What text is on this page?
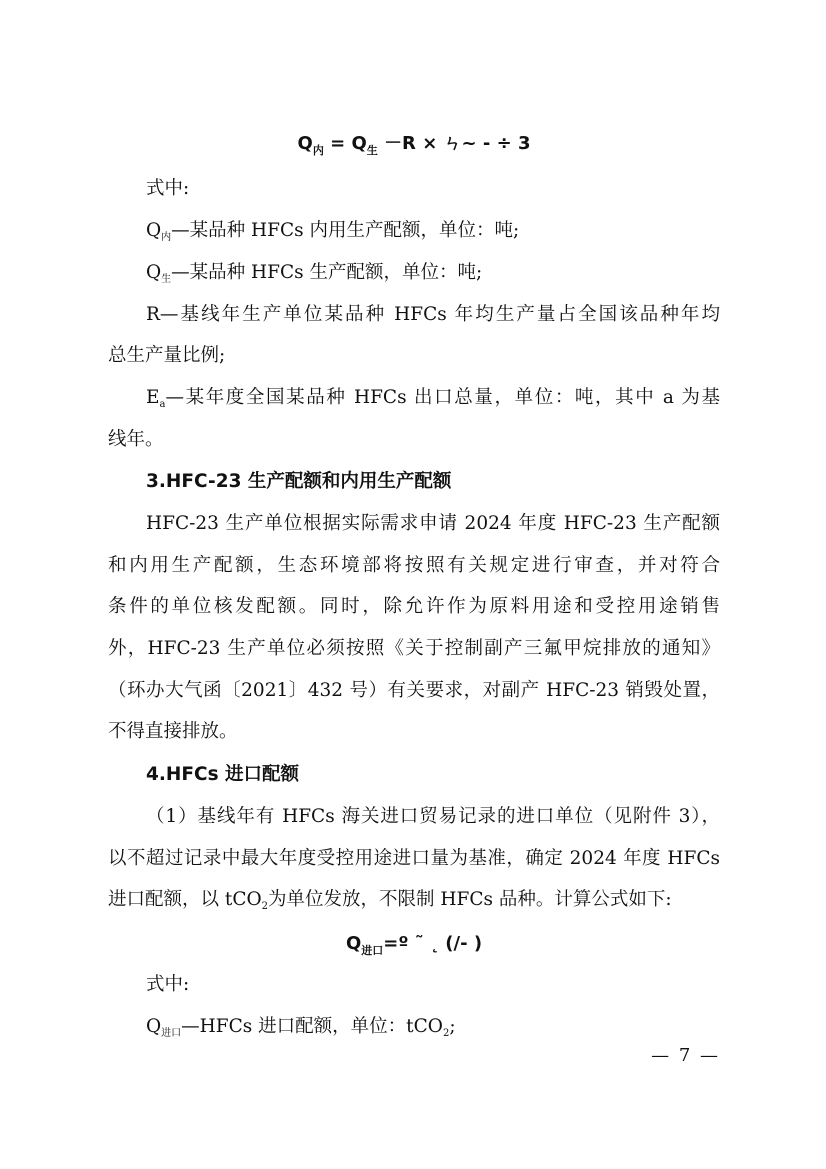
$Q_内 = Q_生 -R$ × ㄣ~ - ÷ 3
式中:
$Q_内—$某品种 HFCs 内用生产配额，单位：吨;
$Q_生—$某品种 HFCs 生产配额，单位：吨;
R—基线年生产单位某品种 HFCs 年均生产量占全国该品种年均
总生产量比例;
$E_a—$某年度全国某品种 HFCs 出口总量，单位：吨，其中 a 为基
线年。
3.HFC-23 生产配额和内用生产配额
HFC-23 生产单位根据实际需求申请 2024 年度 HFC-23 生产配额
和内用生产配额，生态环境部将按照有关规定进行审查，并对符合
条件的单位核发配额。同时，除允许作为原料用途和受控用途销售
外，HFC-23 生产单位必须按照《关于控制副产三氟甲烷排放的通知》
（环办大气函〔2021〕432 号）有关要求，对副产 HFC-23 销毁处置，
不得直接排放。
4.HFCs 进口配额
（1）基线年有 HFCs 海关进口贸易记录的进口单位（见附件 3），
以不超过记录中最大年度受控用途进口量为基准，确定 2024 年度 HFCs
进口配额，以 tCO$_2$为单位发放，不限制 HFCs 品种。计算公式如下:
$Q_{进口}=º$ ˜ ˛ (/- )
式中:
$Q_{进口}—HFCs$ 进口配额，单位：tCO$_2$;
— 7 —
